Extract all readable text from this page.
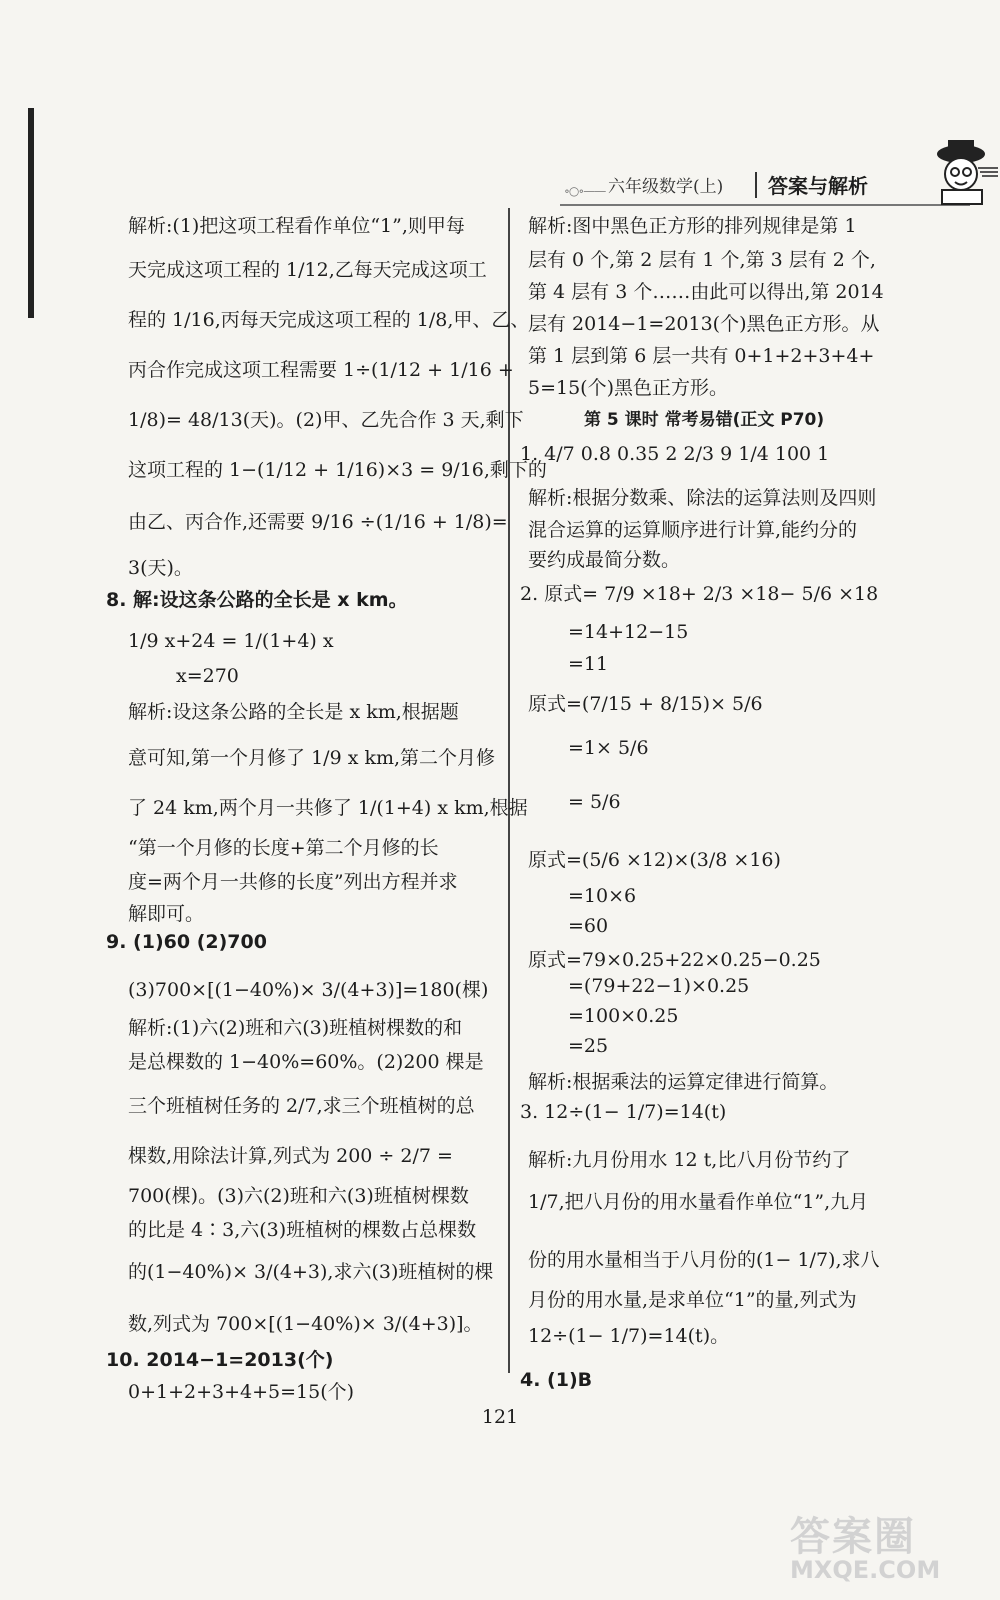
∘○∘—— 六年级数学(上) 答案与解析
解析:(1)把这项工程看作单位“1”,则甲每
天完成这项工程的 1/12,乙每天完成这项工
程的 1/16,丙每天完成这项工程的 1/8,甲、乙、
丙合作完成这项工程需要 1÷(1/12 + 1/16 +
1/8)= 48/13(天)。(2)甲、乙先合作 3 天,剩下
这项工程的 1−(1/12 + 1/16)×3 = 9/16,剩下的
由乙、丙合作,还需要 9/16 ÷(1/16 + 1/8)=
3(天)。
8. 解:设这条公路的全长是 x km。
1/9 x+24 = 1/(1+4) x
x=270
解析:设这条公路的全长是 x km,根据题
意可知,第一个月修了 1/9 x km,第二个月修
了 24 km,两个月一共修了 1/(1+4) x km,根据
“第一个月修的长度+第二个月修的长
度=两个月一共修的长度”列出方程并求
解即可。
9. (1)60 (2)700
(3)700×[(1−40%)× 3/(4+3)]=180(棵)
解析:(1)六(2)班和六(3)班植树棵数的和
是总棵数的 1−40%=60%。(2)200 棵是
三个班植树任务的 2/7,求三个班植树的总
棵数,用除法计算,列式为 200 ÷ 2/7 =
700(棵)。(3)六(2)班和六(3)班植树棵数
的比是 4∶3,六(3)班植树的棵数占总棵数
的(1−40%)× 3/(4+3),求六(3)班植树的棵
数,列式为 700×[(1−40%)× 3/(4+3)]。
10. 2014−1=2013(个)
0+1+2+3+4+5=15(个)
解析:图中黑色正方形的排列规律是第 1
层有 0 个,第 2 层有 1 个,第 3 层有 2 个,
第 4 层有 3 个……由此可以得出,第 2014
层有 2014−1=2013(个)黑色正方形。从
第 1 层到第 6 层一共有 0+1+2+3+4+
5=15(个)黑色正方形。
第 5 课时 常考易错(正文 P70)
1. 4/7 0.8 0.35 2 2/3 9 1/4 100 1
解析:根据分数乘、除法的运算法则及四则
混合运算的运算顺序进行计算,能约分的
要约成最简分数。
2. 原式= 7/9 ×18+ 2/3 ×18− 5/6 ×18
=14+12−15
=11
原式=(7/15 + 8/15)× 5/6
=1× 5/6
= 5/6
原式=(5/6 ×12)×(3/8 ×16)
=10×6
=60
原式=79×0.25+22×0.25−0.25
=(79+22−1)×0.25
=100×0.25
=25
解析:根据乘法的运算定律进行简算。
3. 12÷(1− 1/7)=14(t)
解析:九月份用水 12 t,比八月份节约了
1/7,把八月份的用水量看作单位“1”,九月
份的用水量相当于八月份的(1− 1/7),求八
月份的用水量,是求单位“1”的量,列式为
12÷(1− 1/7)=14(t)。
4. (1)B
121
答案圈
MXQE.COM
